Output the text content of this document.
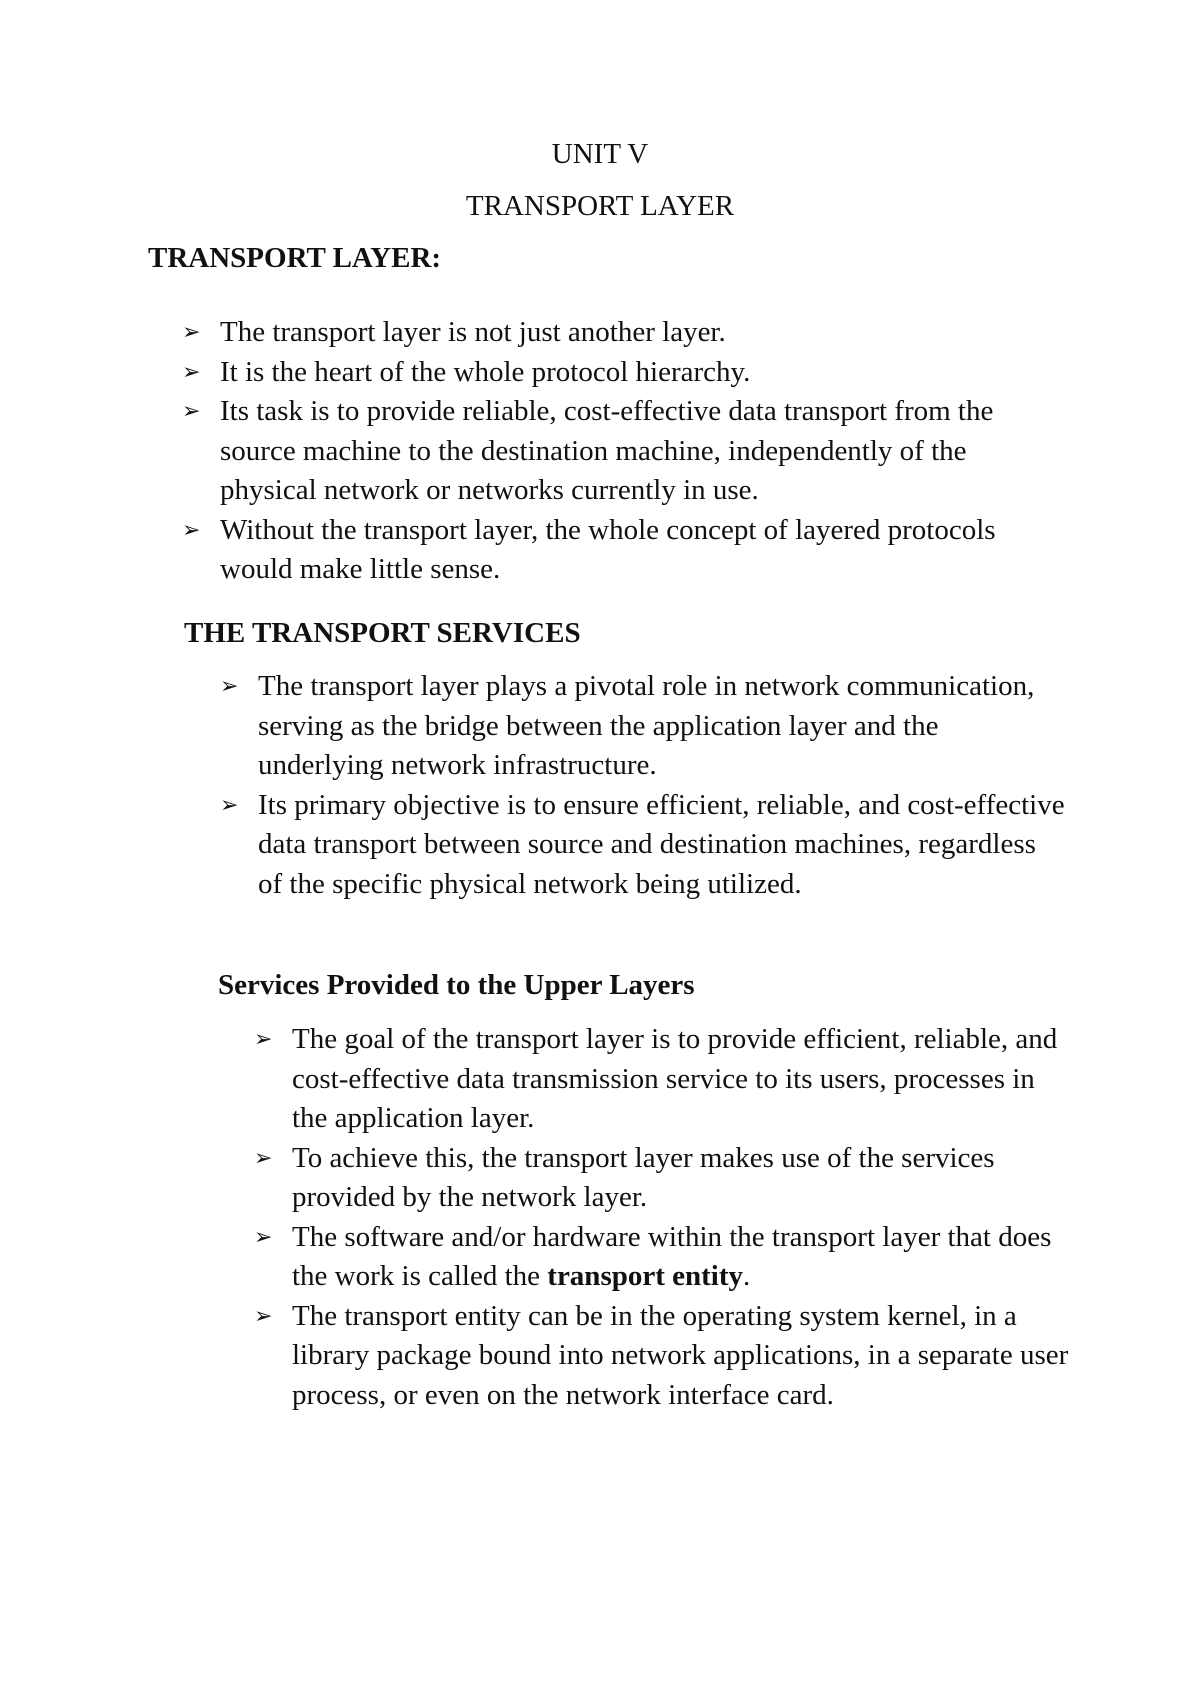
UNIT V
TRANSPORT LAYER
TRANSPORT LAYER:
➢ The transport layer is not just another layer.
➢ It is the heart of the whole protocol hierarchy.
➢ Its task is to provide reliable, cost-effective data transport from the source machine to the destination machine, independently of the physical network or networks currently in use.
➢ Without the transport layer, the whole concept of layered protocols would make little sense.
THE TRANSPORT SERVICES
➢ The transport layer plays a pivotal role in network communication, serving as the bridge between the application layer and the underlying network infrastructure.
➢ Its primary objective is to ensure efficient, reliable, and cost-effective data transport between source and destination machines, regardless of the specific physical network being utilized.
Services Provided to the Upper Layers
➢ The goal of the transport layer is to provide efficient, reliable, and cost-effective data transmission service to its users, processes in the application layer.
➢ To achieve this, the transport layer makes use of the services provided by the network layer.
➢ The software and/or hardware within the transport layer that does the work is called the transport entity.
➢ The transport entity can be in the operating system kernel, in a library package bound into network applications, in a separate user process, or even on the network interface card.
